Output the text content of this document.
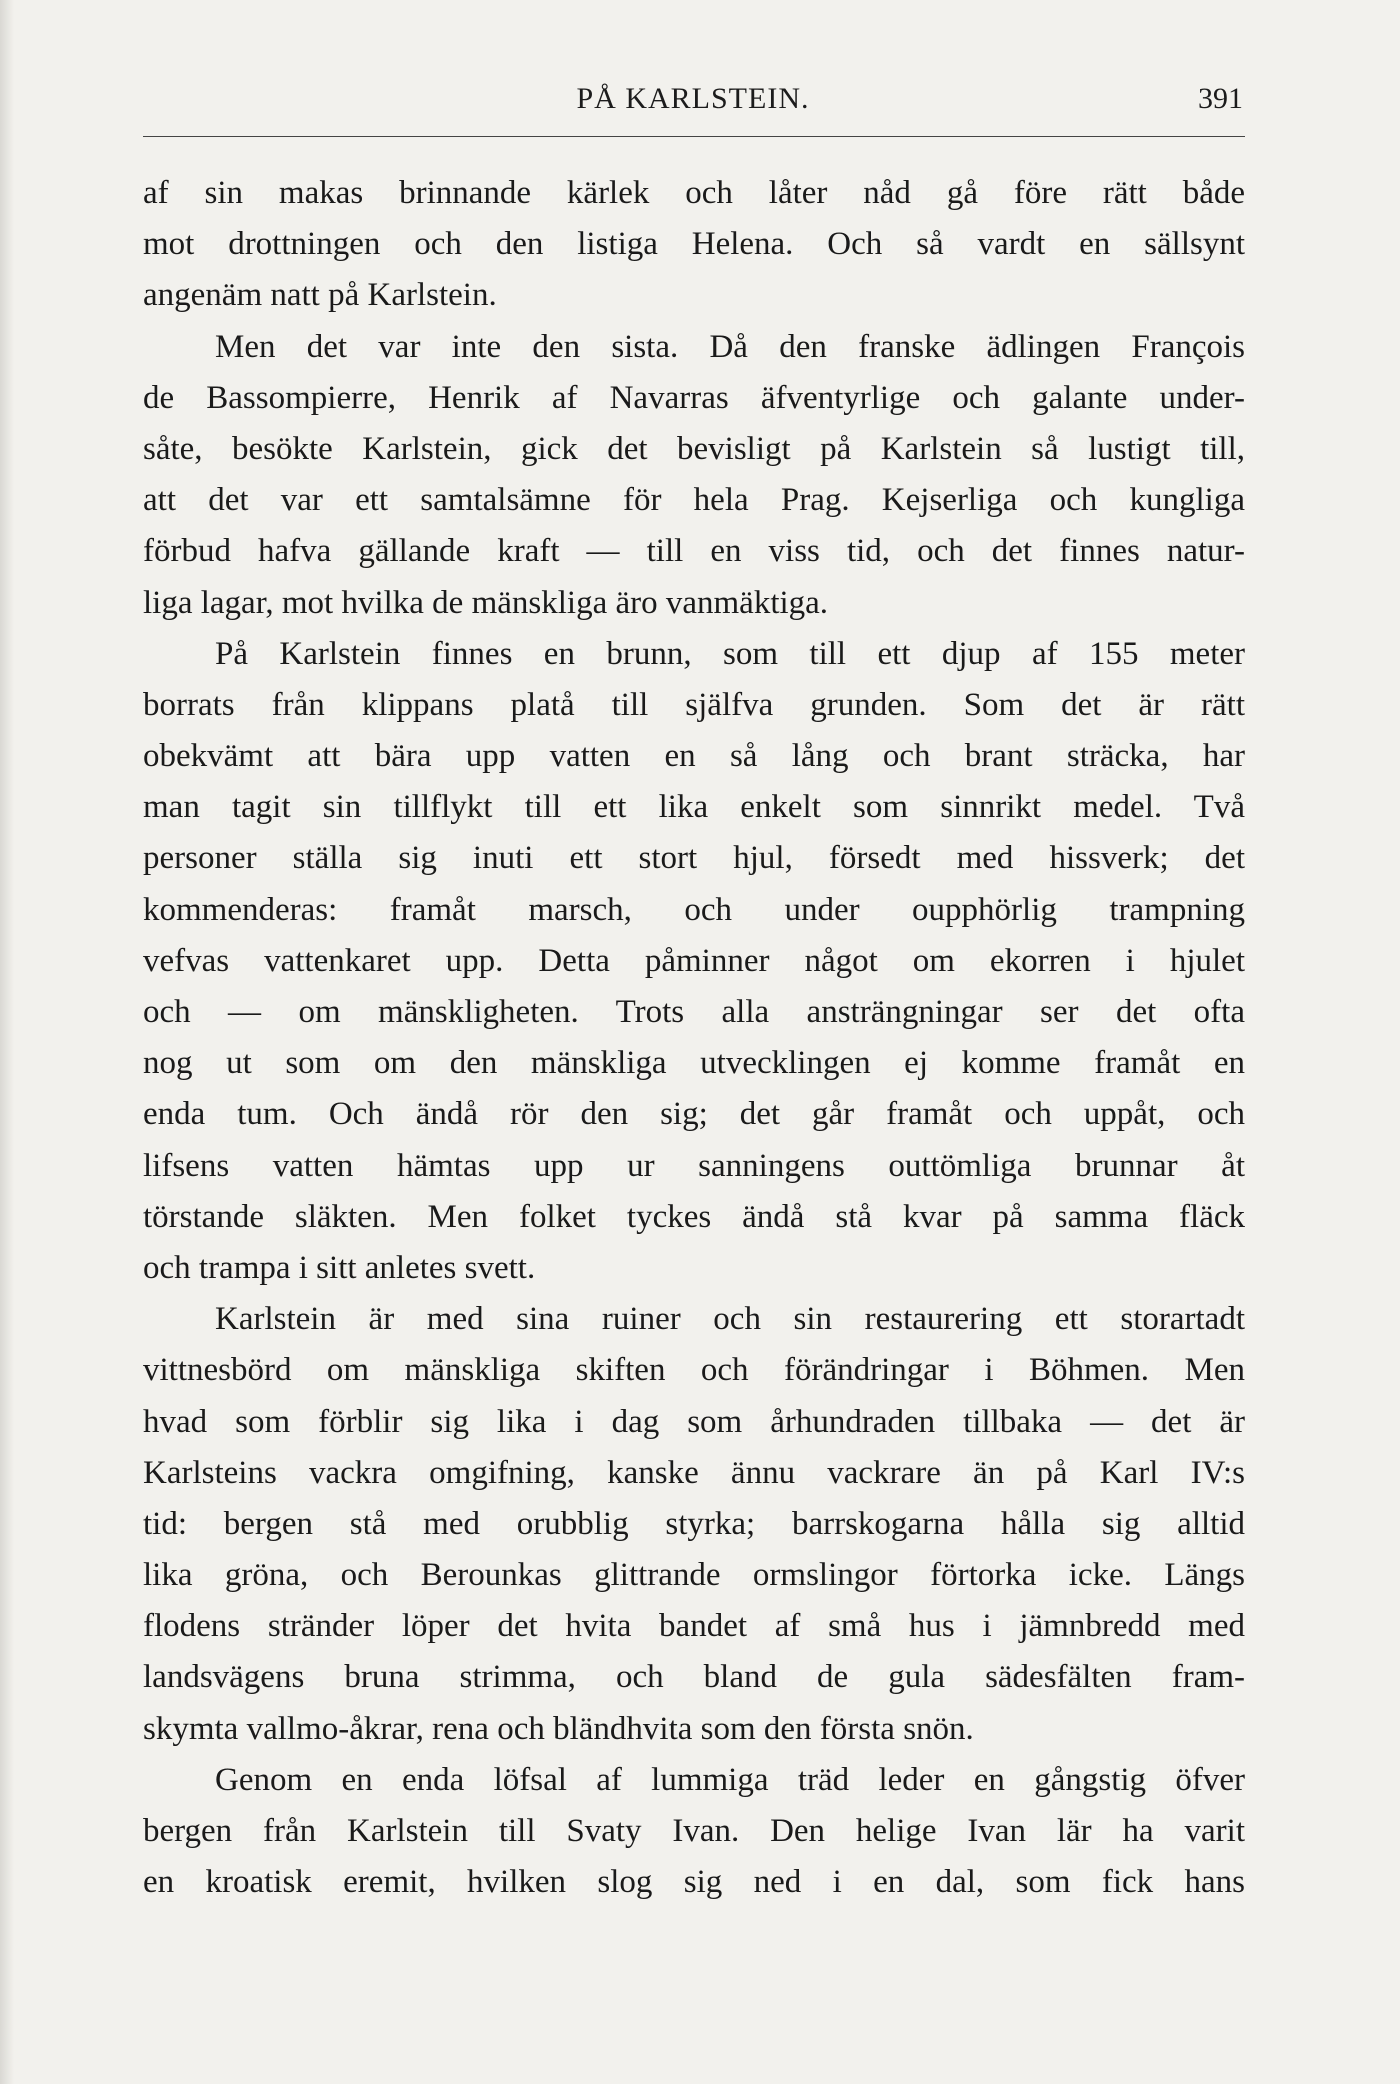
PÅ KARLSTEIN.	391
af sin makas brinnande kärlek och låter nåd gå före rätt både
mot drottningen och den listiga Helena. Och så vardt en sällsynt
angenäm natt på Karlstein.
Men det var inte den sista. Då den franske ädlingen François
de Bassompierre, Henrik af Navarras äfventyrlige och galante under-
såte, besökte Karlstein, gick det bevisligt på Karlstein så lustigt till,
att det var ett samtalsämne för hela Prag. Kejserliga och kungliga
förbud hafva gällande kraft — till en viss tid, och det finnes natur-
liga lagar, mot hvilka de mänskliga äro vanmäktiga.
På Karlstein finnes en brunn, som till ett djup af 155 meter
borrats från klippans platå till själfva grunden. Som det är rätt
obekvämt att bära upp vatten en så lång och brant sträcka, har
man tagit sin tillflykt till ett lika enkelt som sinnrikt medel. Två
personer ställa sig inuti ett stort hjul, försedt med hissverk; det
kommenderas: framåt marsch, och under oupphörlig trampning
vefvas vattenkaret upp. Detta påminner något om ekorren i hjulet
och — om mänskligheten. Trots alla ansträngningar ser det ofta
nog ut som om den mänskliga utvecklingen ej komme framåt en
enda tum. Och ändå rör den sig; det går framåt och uppåt, och
lifsens vatten hämtas upp ur sanningens outtömliga brunnar åt
törstande släkten. Men folket tyckes ändå stå kvar på samma fläck
och trampa i sitt anletes svett.
Karlstein är med sina ruiner och sin restaurering ett storartadt
vittnesbörd om mänskliga skiften och förändringar i Böhmen. Men
hvad som förblir sig lika i dag som århundraden tillbaka — det är
Karlsteins vackra omgifning, kanske ännu vackrare än på Karl IV:s
tid: bergen stå med orubblig styrka; barrskogarna hålla sig alltid
lika gröna, och Berounkas glittrande ormslingor förtorka icke. Längs
flodens stränder löper det hvita bandet af små hus i jämnbredd med
landsvägens bruna strimma, och bland de gula sädesfälten fram-
skymta vallmo-åkrar, rena och bländhvita som den första snön.
Genom en enda löfsal af lummiga träd leder en gångstig öfver
bergen från Karlstein till Svaty Ivan. Den helige Ivan lär ha varit
en kroatisk eremit, hvilken slog sig ned i en dal, som fick hans
